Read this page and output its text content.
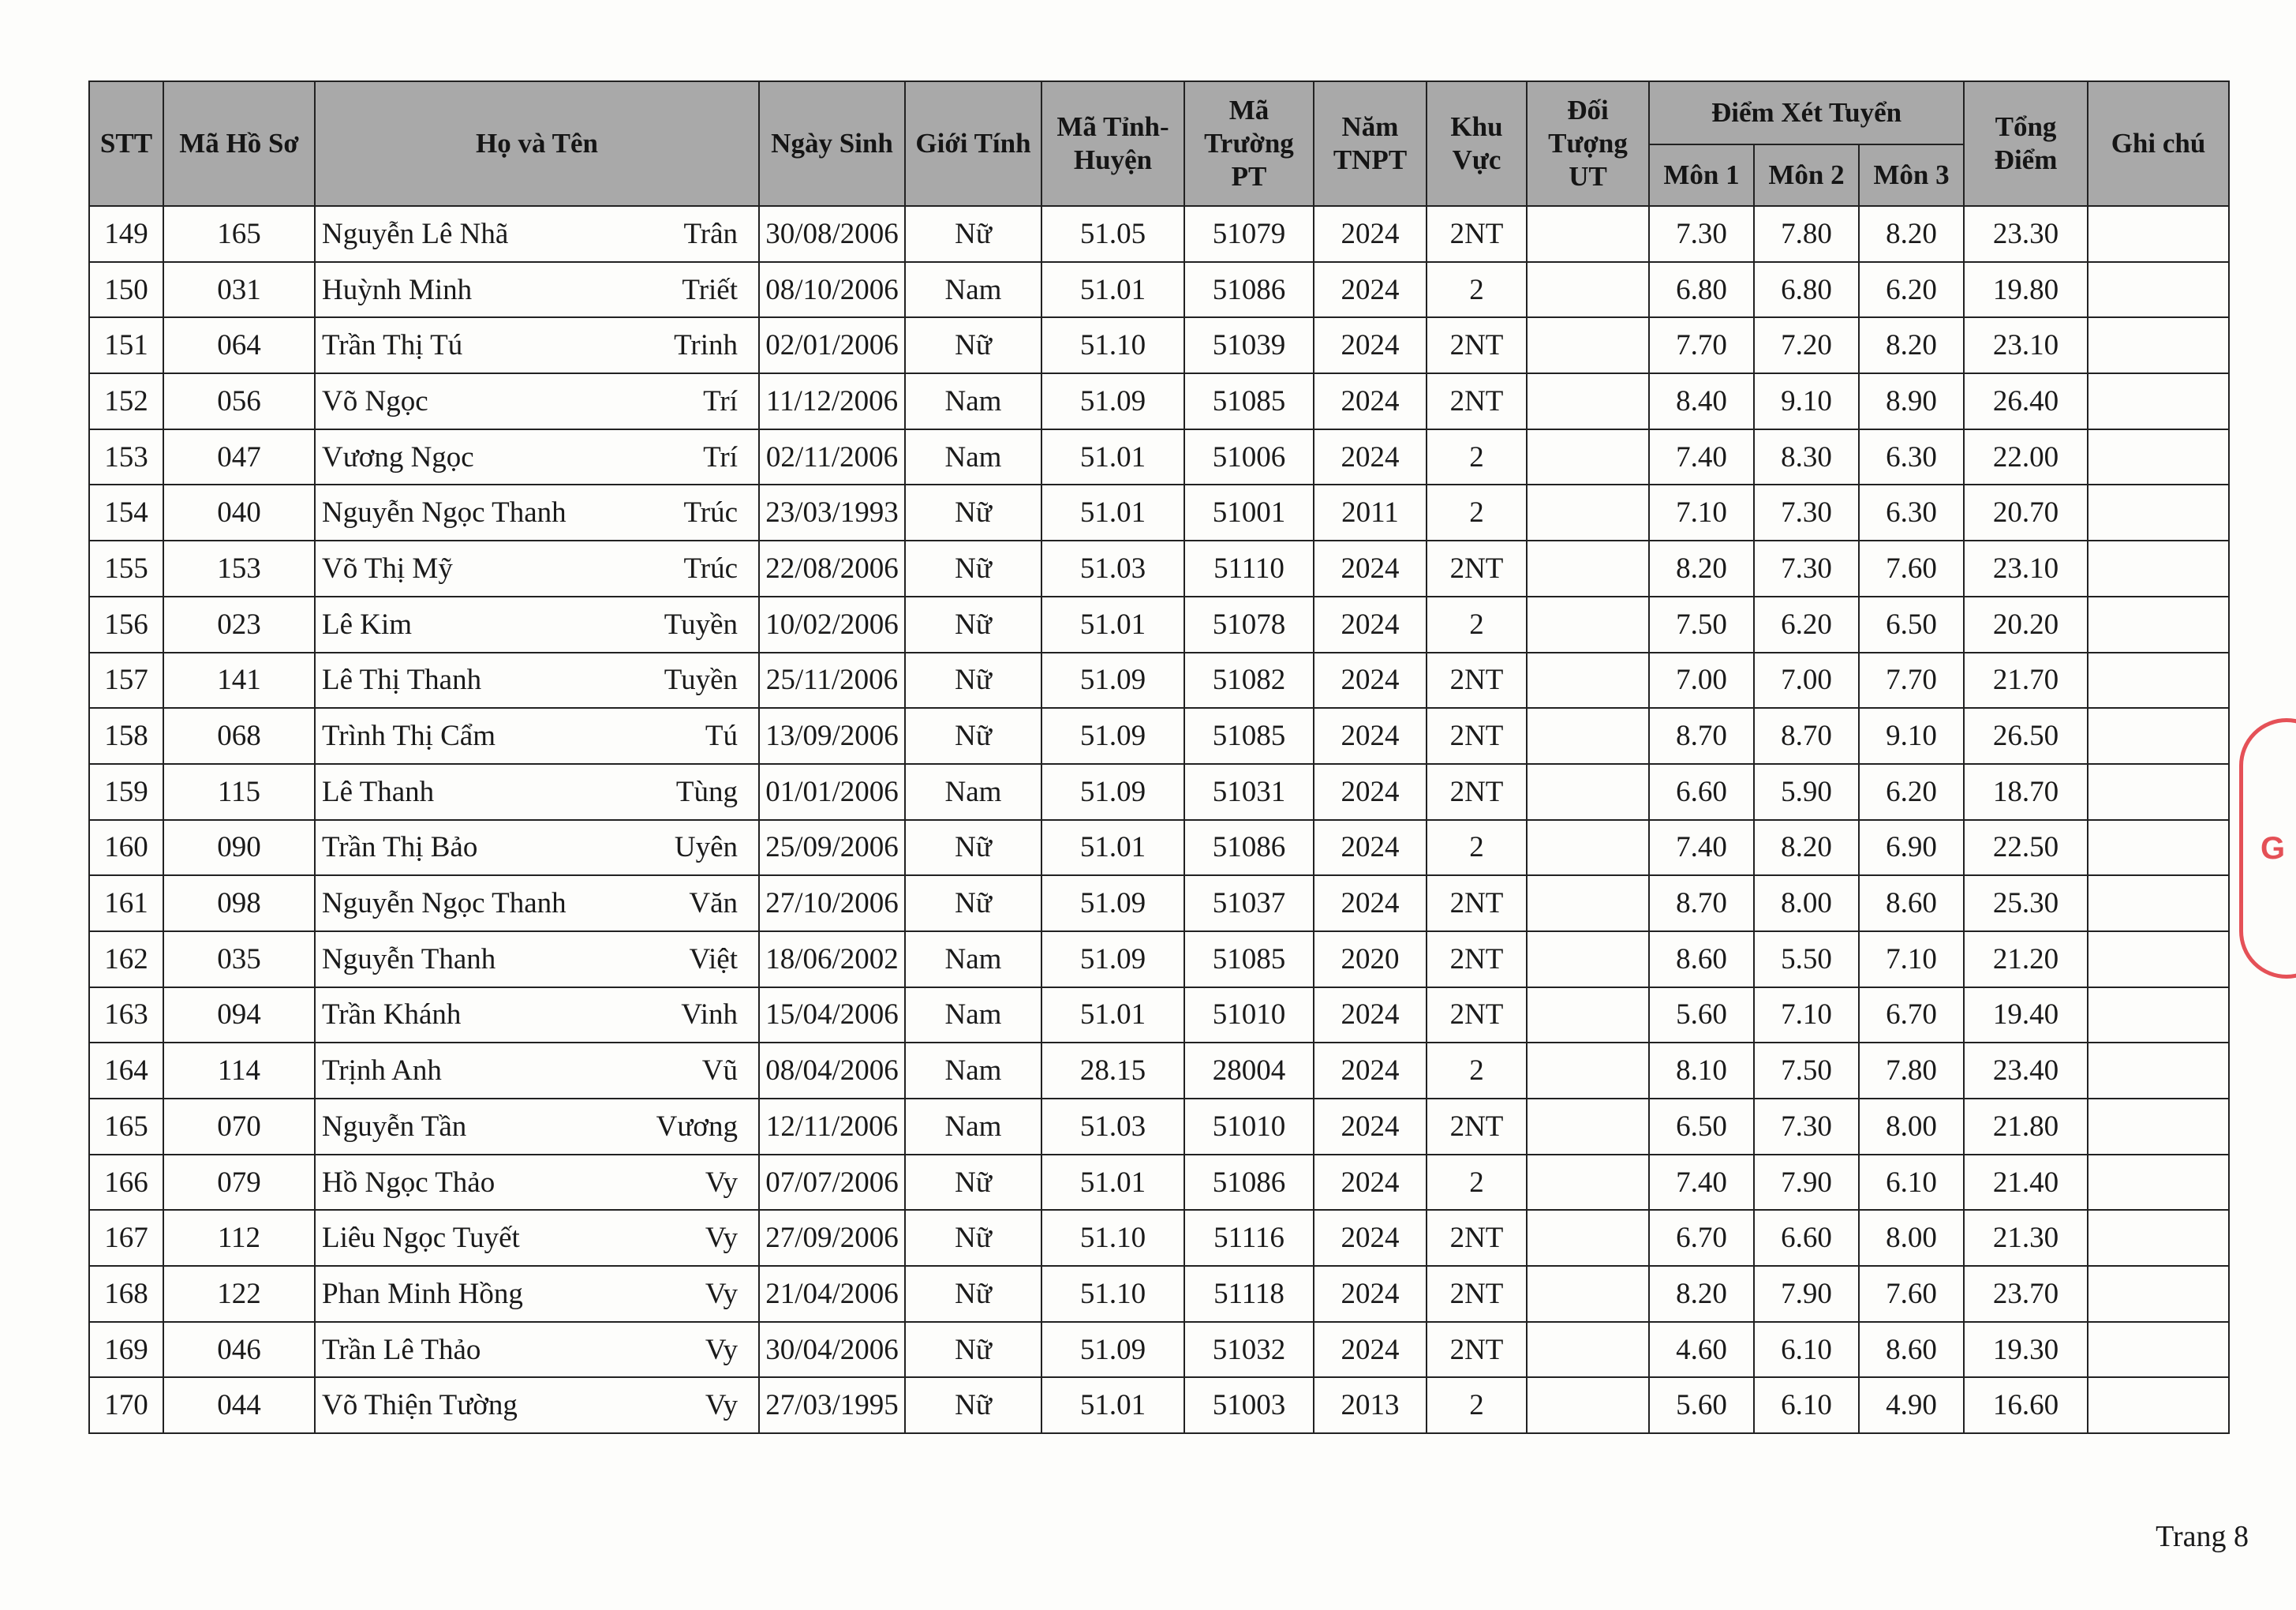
STT	Mã Hồ Sơ	Họ và Tên	Ngày Sinh	Giới Tính	Mã Tỉnh-Huyện	Mã Trường PT	Năm TNPT	Khu Vực	Đối Tượng UT	Điểm Xét Tuyển			Tổng Điểm	Ghi chú
										Môn 1	Môn 2	Môn 3		
149	165	Nguyễn Lê Nhã Trân	30/08/2006	Nữ	51.05	51079	2024	2NT		7.30	7.80	8.20	23.30	
150	031	Huỳnh Minh Triết	08/10/2006	Nam	51.01	51086	2024	2		6.80	6.80	6.20	19.80	
151	064	Trần Thị Tú Trinh	02/01/2006	Nữ	51.10	51039	2024	2NT		7.70	7.20	8.20	23.10	
152	056	Võ Ngọc Trí	11/12/2006	Nam	51.09	51085	2024	2NT		8.40	9.10	8.90	26.40	
153	047	Vương Ngọc Trí	02/11/2006	Nam	51.01	51006	2024	2		7.40	8.30	6.30	22.00	
154	040	Nguyễn Ngọc Thanh Trúc	23/03/1993	Nữ	51.01	51001	2011	2		7.10	7.30	6.30	20.70	
155	153	Võ Thị Mỹ Trúc	22/08/2006	Nữ	51.03	51110	2024	2NT		8.20	7.30	7.60	23.10	
156	023	Lê Kim Tuyền	10/02/2006	Nữ	51.01	51078	2024	2		7.50	6.20	6.50	20.20	
157	141	Lê Thị Thanh Tuyền	25/11/2006	Nữ	51.09	51082	2024	2NT		7.00	7.00	7.70	21.70	
158	068	Trình Thị Cẩm Tú	13/09/2006	Nữ	51.09	51085	2024	2NT		8.70	8.70	9.10	26.50	
159	115	Lê Thanh Tùng	01/01/2006	Nam	51.09	51031	2024	2NT		6.60	5.90	6.20	18.70	
160	090	Trần Thị Bảo Uyên	25/09/2006	Nữ	51.01	51086	2024	2		7.40	8.20	6.90	22.50	
161	098	Nguyễn Ngọc Thanh Văn	27/10/2006	Nữ	51.09	51037	2024	2NT		8.70	8.00	8.60	25.30	
162	035	Nguyễn Thanh Việt	18/06/2002	Nam	51.09	51085	2020	2NT		8.60	5.50	7.10	21.20	
163	094	Trần Khánh Vinh	15/04/2006	Nam	51.01	51010	2024	2NT		5.60	7.10	6.70	19.40	
164	114	Trịnh Anh Vũ	08/04/2006	Nam	28.15	28004	2024	2		8.10	7.50	7.80	23.40	
165	070	Nguyễn Tần Vương	12/11/2006	Nam	51.03	51010	2024	2NT		6.50	7.30	8.00	21.80	
166	079	Hồ Ngọc Thảo Vy	07/07/2006	Nữ	51.01	51086	2024	2		7.40	7.90	6.10	21.40	
167	112	Liêu Ngọc Tuyết Vy	27/09/2006	Nữ	51.10	51116	2024	2NT		6.70	6.60	8.00	21.30	
168	122	Phan Minh Hồng Vy	21/04/2006	Nữ	51.10	51118	2024	2NT		8.20	7.90	7.60	23.70	
169	046	Trần Lê Thảo Vy	30/04/2006	Nữ	51.09	51032	2024	2NT		4.60	6.10	8.60	19.30	
170	044	Võ Thiện Tường Vy	27/03/1995	Nữ	51.01	51003	2013	2		5.60	6.10	4.90	16.60	
G
Trang 8
